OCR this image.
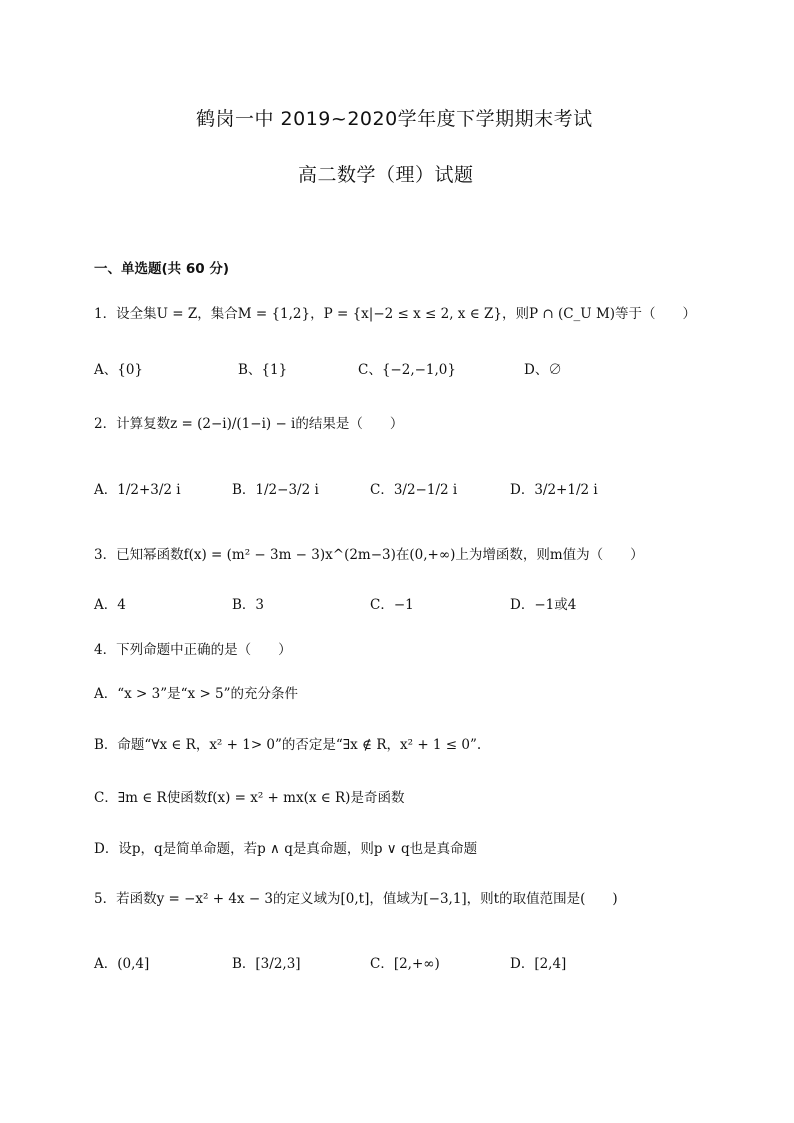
鹤岗一中 2019~2020学年度下学期期末考试
高二数学（理）试题
一、单选题(共 60 分)
1．设全集U = Z，集合M = {1,2}，P = {x|−2 ≤ x ≤ 2, x ∈ Z}，则P ∩ (C_U M)等于（　　）
A、{0}	B、{1}	C、{−2,−1,0}	D、∅
2．计算复数z = (2−i)/(1−i) − i的结果是（　　）
A．1/2+3/2 i	B．1/2−3/2 i	C．3/2−1/2 i	D．3/2+1/2 i
3．已知幂函数f(x) = (m² − 3m − 3)x^(2m−3)在(0,+∞)上为增函数，则m值为（　　）
A．4	B．3	C．−1	D．−1或4
4．下列命题中正确的是（　　）
A．“x > 3”是“x > 5”的充分条件
B．命题“∀x ∈ R，x² + 1> 0”的否定是“∃x ∉ R，x² + 1 ≤ 0”.
C．∃m ∈ R使函数f(x) = x² + mx(x ∈ R)是奇函数
D．设p，q是简单命题，若p ∧ q是真命题，则p ∨ q也是真命题
5．若函数y = −x² + 4x − 3的定义域为[0,t]，值域为[−3,1]，则t的取值范围是(　　)
A．(0,4]	B．[3/2,3]	C．[2,+∞)	D．[2,4]
